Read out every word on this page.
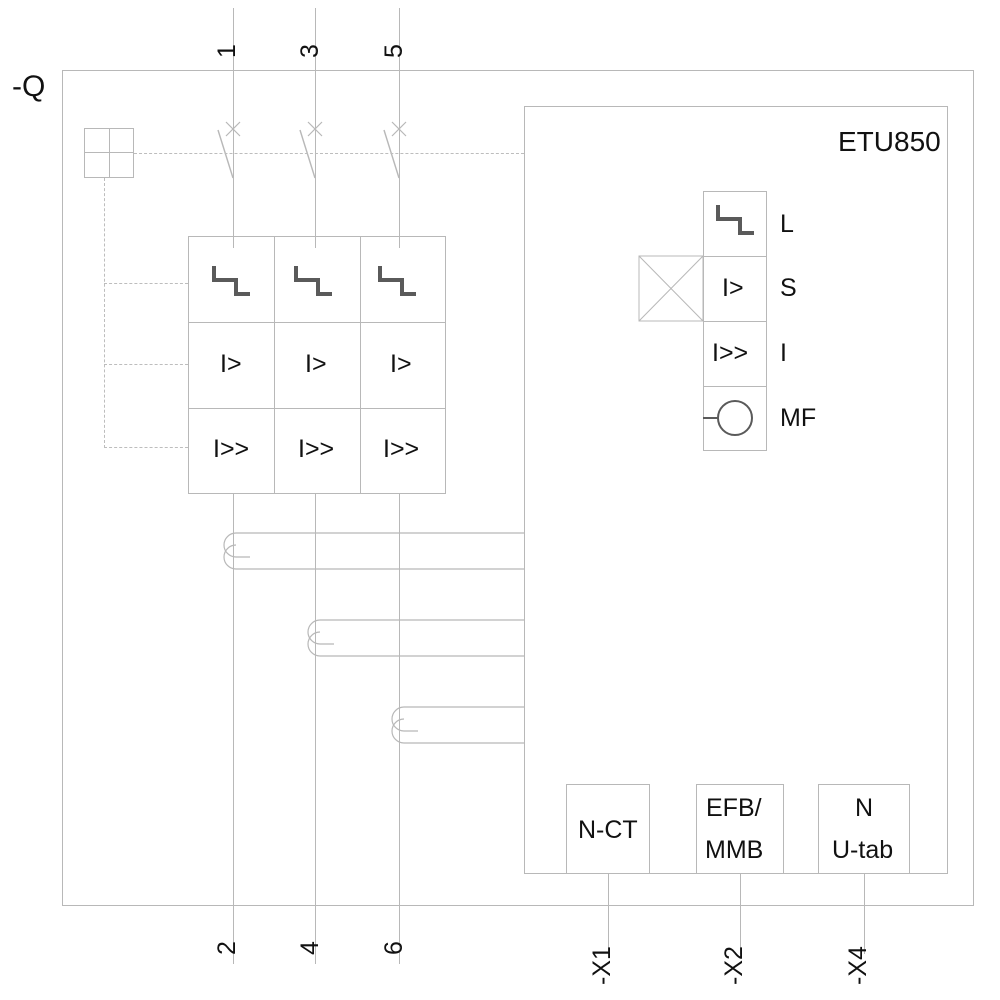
-Q
1 3 5
2 4 6
I>	I>	I>
I>> I>> I>>
ETU850
I>
I>>
L
S
I
MF
N-CT
EFB/
MMB
N
U-tab
-X1	-X2	-X4
